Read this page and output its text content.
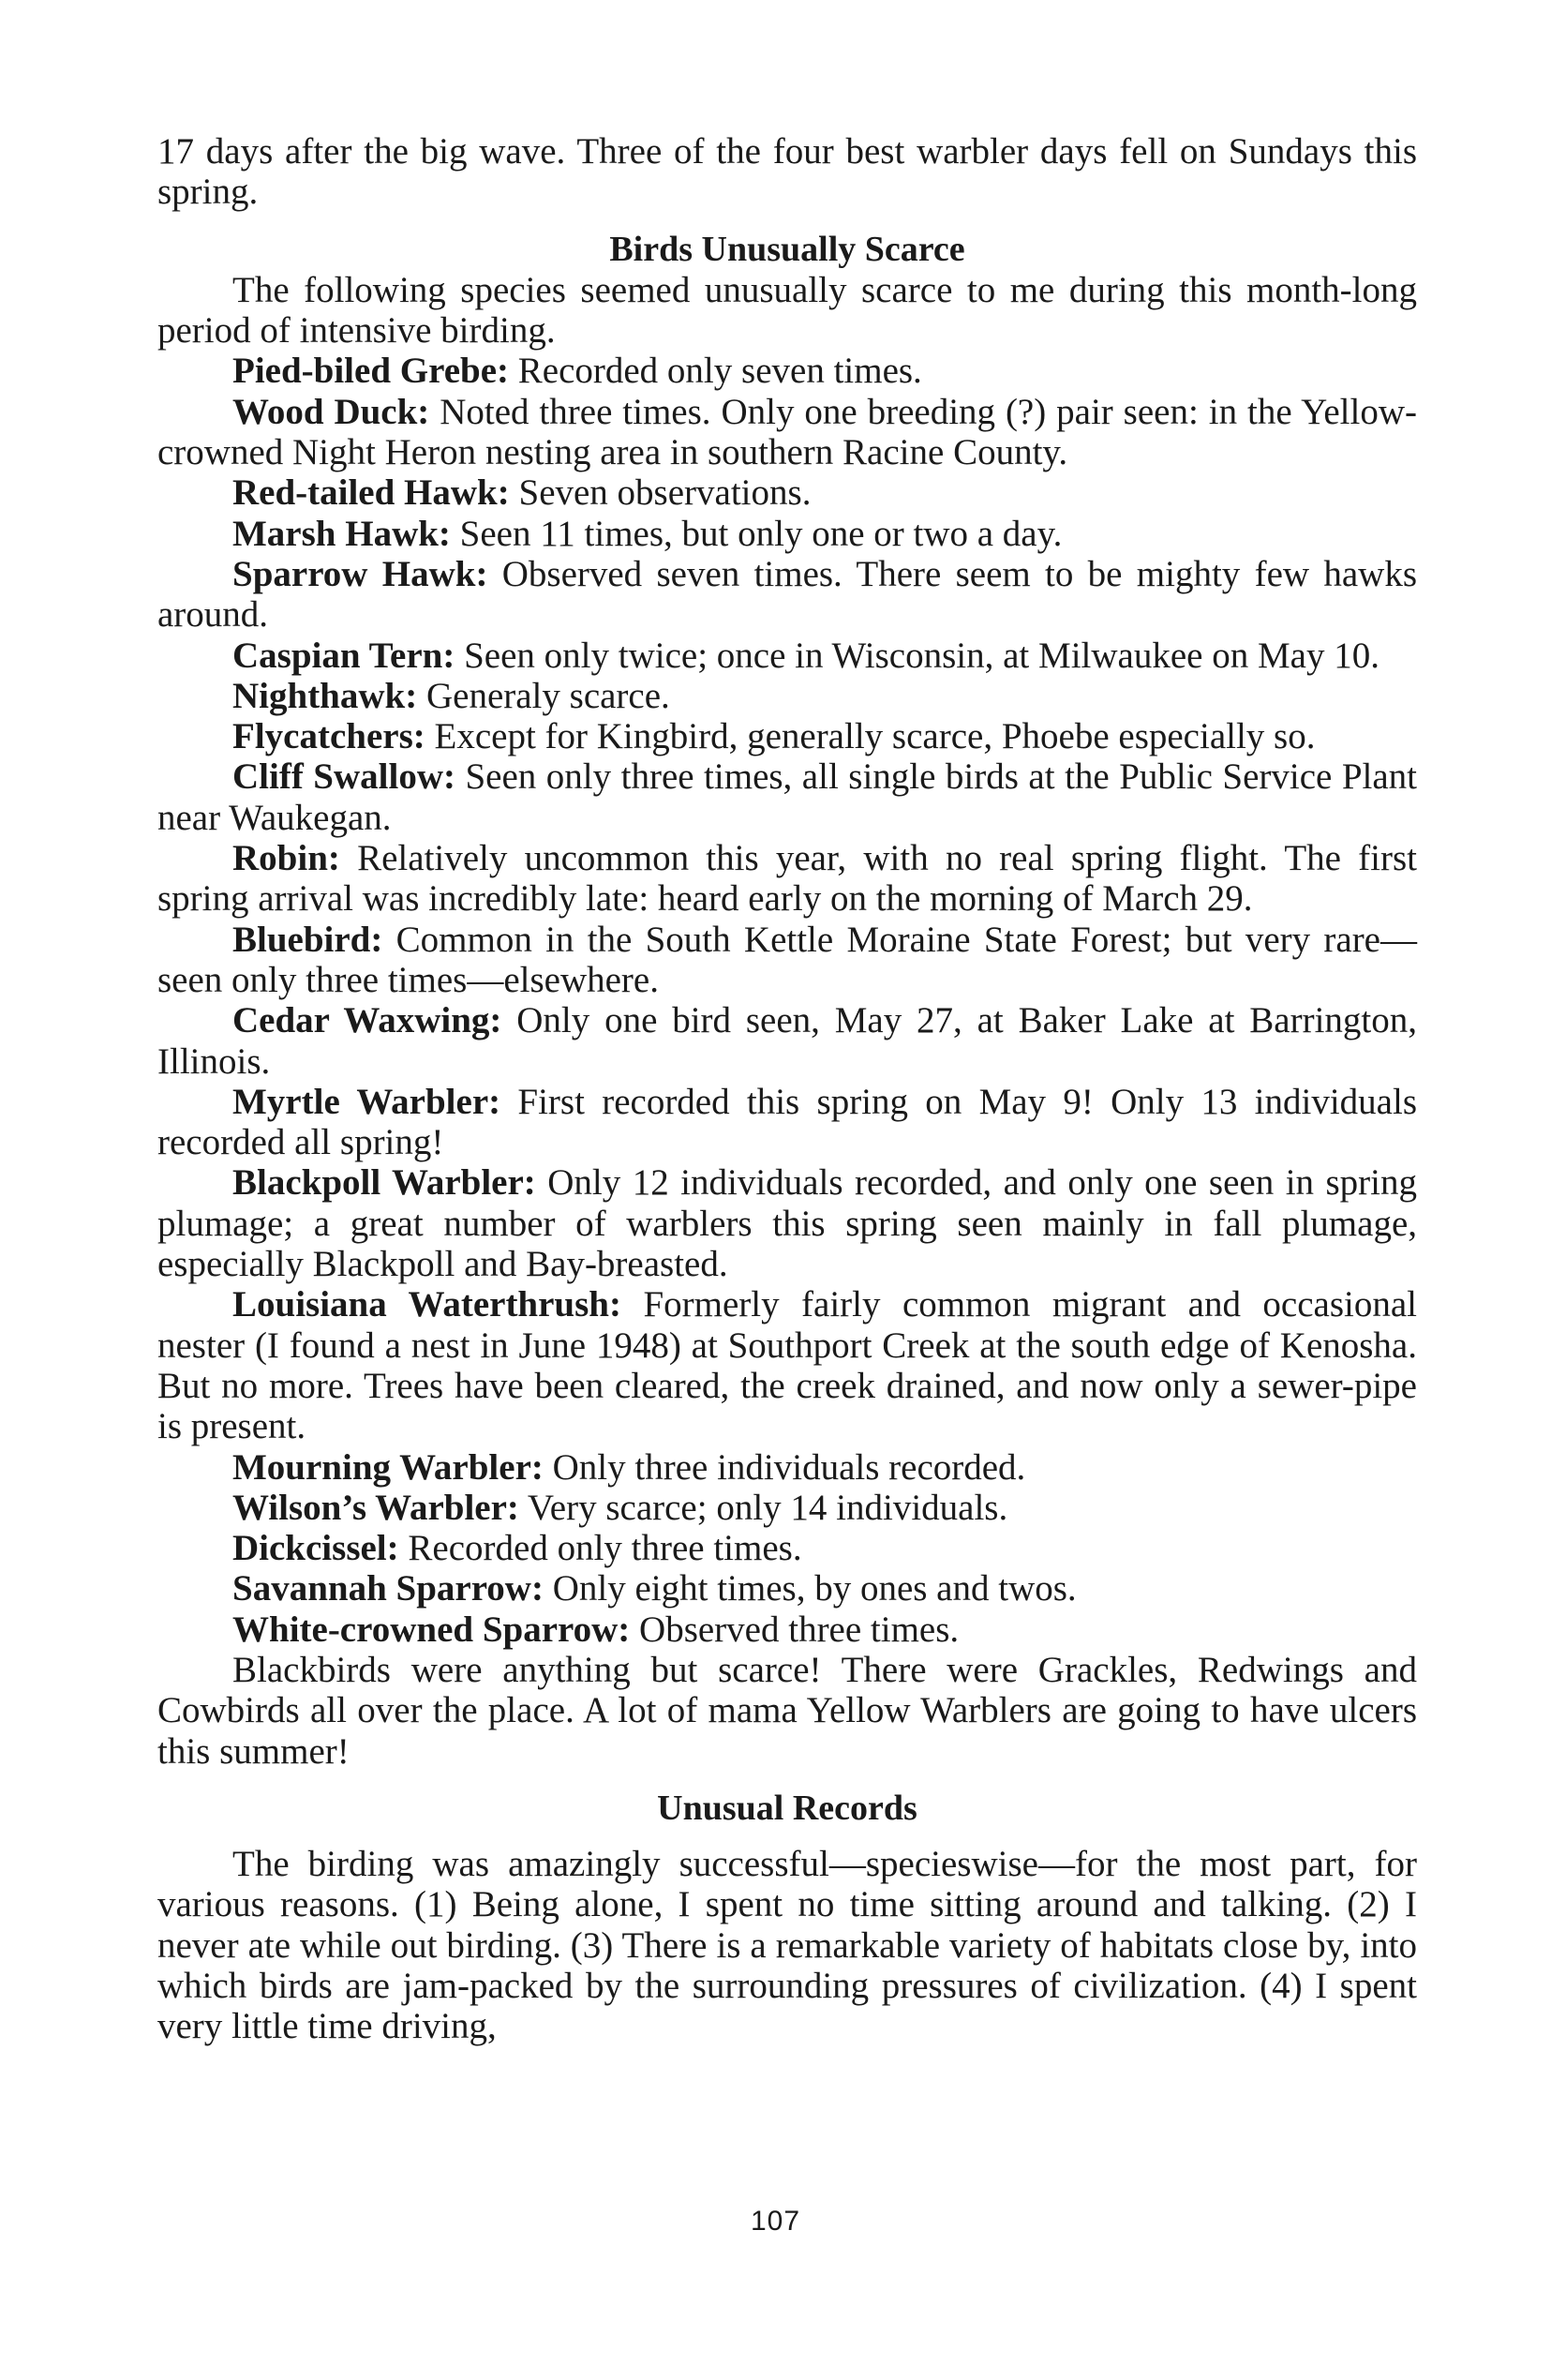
17 days after the big wave. Three of the four best warbler days fell on Sundays this spring.

Birds Unusually Scarce

The following species seemed unusually scarce to me during this month-long period of intensive birding.

Pied-biled Grebe: Recorded only seven times.

Wood Duck: Noted three times. Only one breeding (?) pair seen: in the Yellow-crowned Night Heron nesting area in southern Racine County.

Red-tailed Hawk: Seven observations.

Marsh Hawk: Seen 11 times, but only one or two a day.

Sparrow Hawk: Observed seven times. There seem to be mighty few hawks around.

Caspian Tern: Seen only twice; once in Wisconsin, at Milwaukee on May 10.

Nighthawk: Generaly scarce.

Flycatchers: Except for Kingbird, generally scarce, Phoebe especially so.

Cliff Swallow: Seen only three times, all single birds at the Public Service Plant near Waukegan.

Robin: Relatively uncommon this year, with no real spring flight. The first spring arrival was incredibly late: heard early on the morning of March 29.

Bluebird: Common in the South Kettle Moraine State Forest; but very rare—seen only three times—elsewhere.

Cedar Waxwing: Only one bird seen, May 27, at Baker Lake at Barrington, Illinois.

Myrtle Warbler: First recorded this spring on May 9! Only 13 individuals recorded all spring!

Blackpoll Warbler: Only 12 individuals recorded, and only one seen in spring plumage; a great number of warblers this spring seen mainly in fall plumage, especially Blackpoll and Bay-breasted.

Louisiana Waterthrush: Formerly fairly common migrant and occasional nester (I found a nest in June 1948) at Southport Creek at the south edge of Kenosha. But no more. Trees have been cleared, the creek drained, and now only a sewer-pipe is present.

Mourning Warbler: Only three individuals recorded.

Wilson’s Warbler: Very scarce; only 14 individuals.

Dickcissel: Recorded only three times.

Savannah Sparrow: Only eight times, by ones and twos.

White-crowned Sparrow: Observed three times.

Blackbirds were anything but scarce! There were Grackles, Redwings and Cowbirds all over the place. A lot of mama Yellow Warblers are going to have ulcers this summer!

Unusual Records

The birding was amazingly successful—specieswise—for the most part, for various reasons. (1) Being alone, I spent no time sitting around and talking. (2) I never ate while out birding. (3) There is a remarkable variety of habitats close by, into which birds are jam-packed by the surrounding pressures of civilization. (4) I spent very little time driving,

107
